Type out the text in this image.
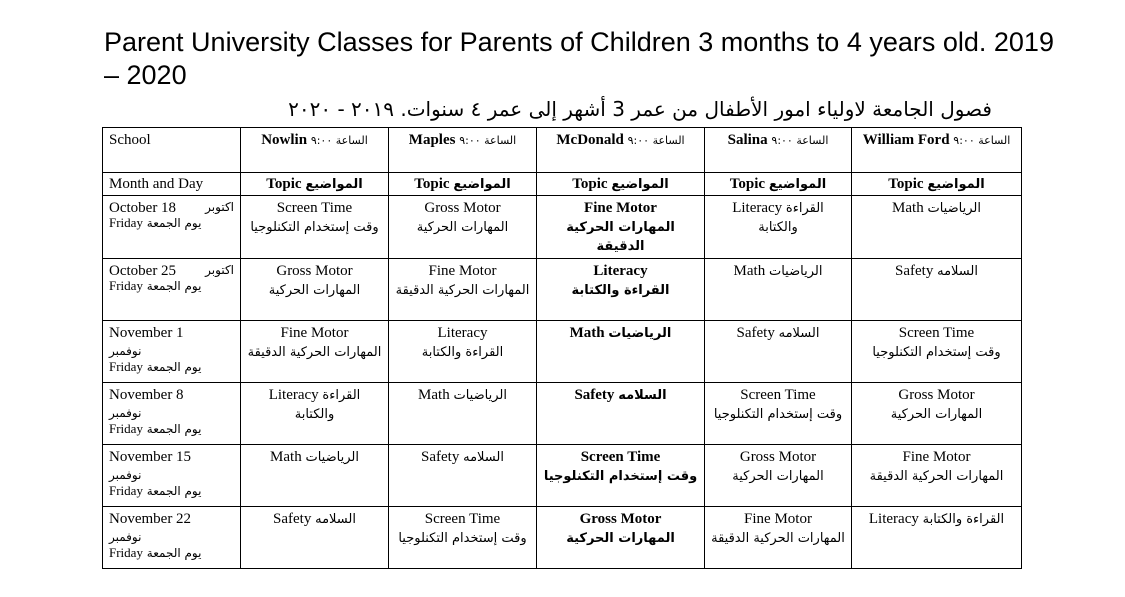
Parent University Classes for Parents of Children 3 months to 4 years old. 2019 – 2020
فصول الجامعة لاولياء امور الأطفال من عمر 3 أشهر إلى عمر ٤ سنوات. ٢٠١٩ - ٢٠٢٠
School	Nowlin الساعة ٩:٠٠	Maples الساعة ٩:٠٠	McDonald الساعة ٩:٠٠	Salina الساعة ٩:٠٠	William Ford الساعة ٩:٠٠
Month and Day	Topic المواضيع	Topic المواضيع	Topic المواضيع	Topic المواضيع	Topic المواضيع

October 18 اكتوبر
يوم الجمعة Friday	Screen Time
وقت إستخدام التكنلوجيا	Gross Motor
المهارات الحركية	Fine Motor
المهارات الحركية الدقيقة	Literacy القراءة والكتابة	Math الرياضيات

October 25 اكتوبر
يوم الجمعة Friday	Gross Motor
المهارات الحركية	Fine Motor
المهارات الحركية الدقيقة	Literacy
القراءة والكتابة	Math الرياضيات	Safety السلامه

November 1
نوفمبر
يوم الجمعة Friday	Fine Motor
المهارات الحركية الدقيقة	Literacy
القراءة والكتابة	Math الرياضيات	Safety السلامه	Screen Time
وقت إستخدام التكنلوجيا

November 8
نوفمبر
يوم الجمعة Friday	Literacy القراءة والكتابة	Math الرياضيات	Safety السلامه	Screen Time
وقت إستخدام التكنلوجيا	Gross Motor
المهارات الحركية

November 15
نوفمبر
يوم الجمعة Friday	Math الرياضيات	Safety السلامه	Screen Time
وقت إستخدام التكنلوجيا	Gross Motor
المهارات الحركية	Fine Motor
المهارات الحركية الدقيقة

November 22
نوفمبر
يوم الجمعة Friday	Safety السلامه	Screen Time
وقت إستخدام التكنلوجيا	Gross Motor
المهارات الحركية	Fine Motor
المهارات الحركية الدقيقة	Literacy القراءة والكتابة
